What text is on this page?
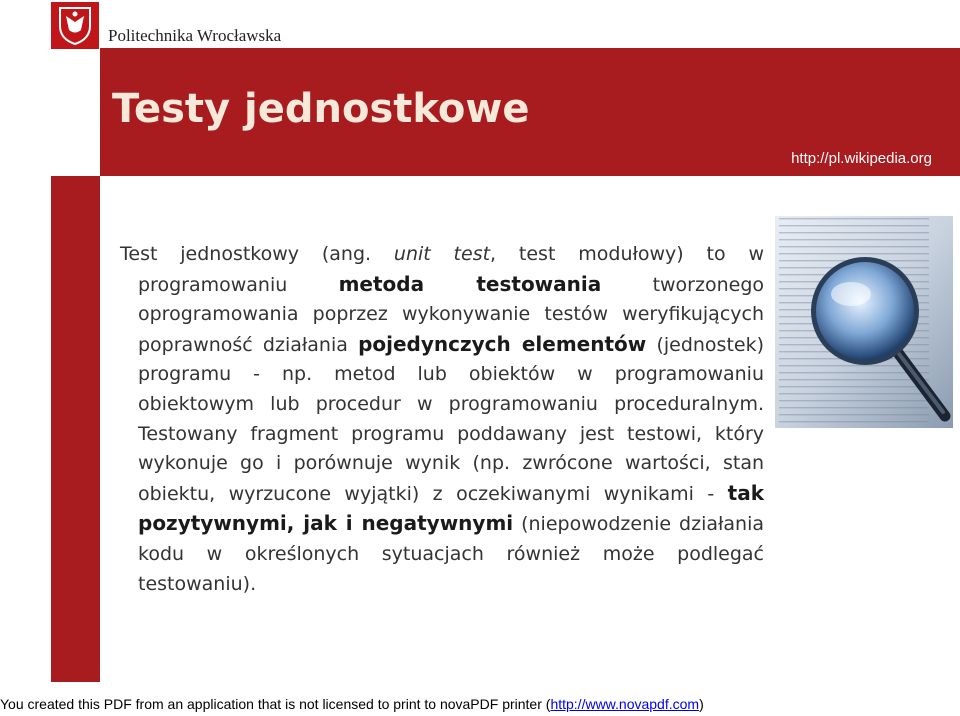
Politechnika Wrocławska
Testy jednostkowe
http://pl.wikipedia.org

Test jednostkowy (ang. unit test, test modułowy) to w programowaniu metoda testowania tworzonego oprogramowania poprzez wykonywanie testów weryfikujących poprawność działania pojedynczych elementów (jednostek) programu - np. metod lub obiektów w programowaniu obiektowym lub procedur w programowaniu proceduralnym. Testowany fragment programu poddawany jest testowi, który wykonuje go i porównuje wynik (np. zwrócone wartości, stan obiektu, wyrzucone wyjątki) z oczekiwanymi wynikami - tak pozytywnymi, jak i negatywnymi (niepowodzenie działania kodu w określonych sytuacjach również może podlegać testowaniu).

You created this PDF from an application that is not licensed to print to novaPDF printer (http://www.novapdf.com)
